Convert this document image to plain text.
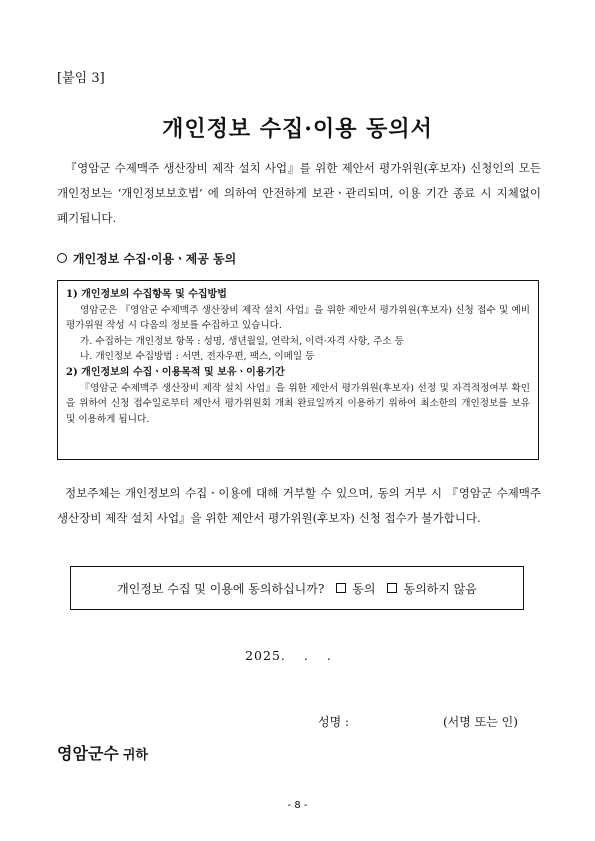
[붙임 3]
개인정보 수집·이용 동의서

『영암군 수제맥주 생산장비 제작 설치 사업』를 위한 제안서 평가위원(후보자) 신청인의 모든 개인정보는 ‘개인정보보호법’ 에 의하여 안전하게 보관ㆍ관리되며, 이용 기간 종료 시 지체없이 폐기됩니다.

개인정보 수집·이용ㆍ제공 동의
1) 개인정보의 수집항목 및 수집방법

영암군은 『영암군 수제맥주 생산장비 제작 설치 사업』을 위한 제안서 평가위원(후보자) 신청 접수 및 예비평가위원 작성 시 다음의 정보를 수집하고 있습니다.

가. 수집하는 개인정보 항목 : 성명, 생년월일, 연락처, 이력·자격 사항, 주소 등

나. 개인정보 수집방법 : 서면, 전자우편, 팩스, 이메일 등

2) 개인정보의 수집ㆍ이용목적 및 보유ㆍ이용기간

『영암군 수제맥주 생산장비 제작 설치 사업』을 위한 제안서 평가위원(후보자) 선정 및 자격적정여부 확인을 위하여 신청 접수일로부터 제안서 평가위원회 개최 완료일까지 이용하기 위하여 최소한의 개인정보를 보유 및 이용하게 됩니다.

정보주체는 개인정보의 수집ㆍ이용에 대해 거부할 수 있으며, 동의 거부 시 『영암군 수제맥주 생산장비 제작 설치 사업』을 위한 제안서 평가위원(후보자) 신청 접수가 불가합니다.

개인정보 수집 및 이용에 동의하십니까? 동의 동의하지 않음
2025. . .
성명 :	(서명 또는 인)
영암군수 귀하
- 8 -
